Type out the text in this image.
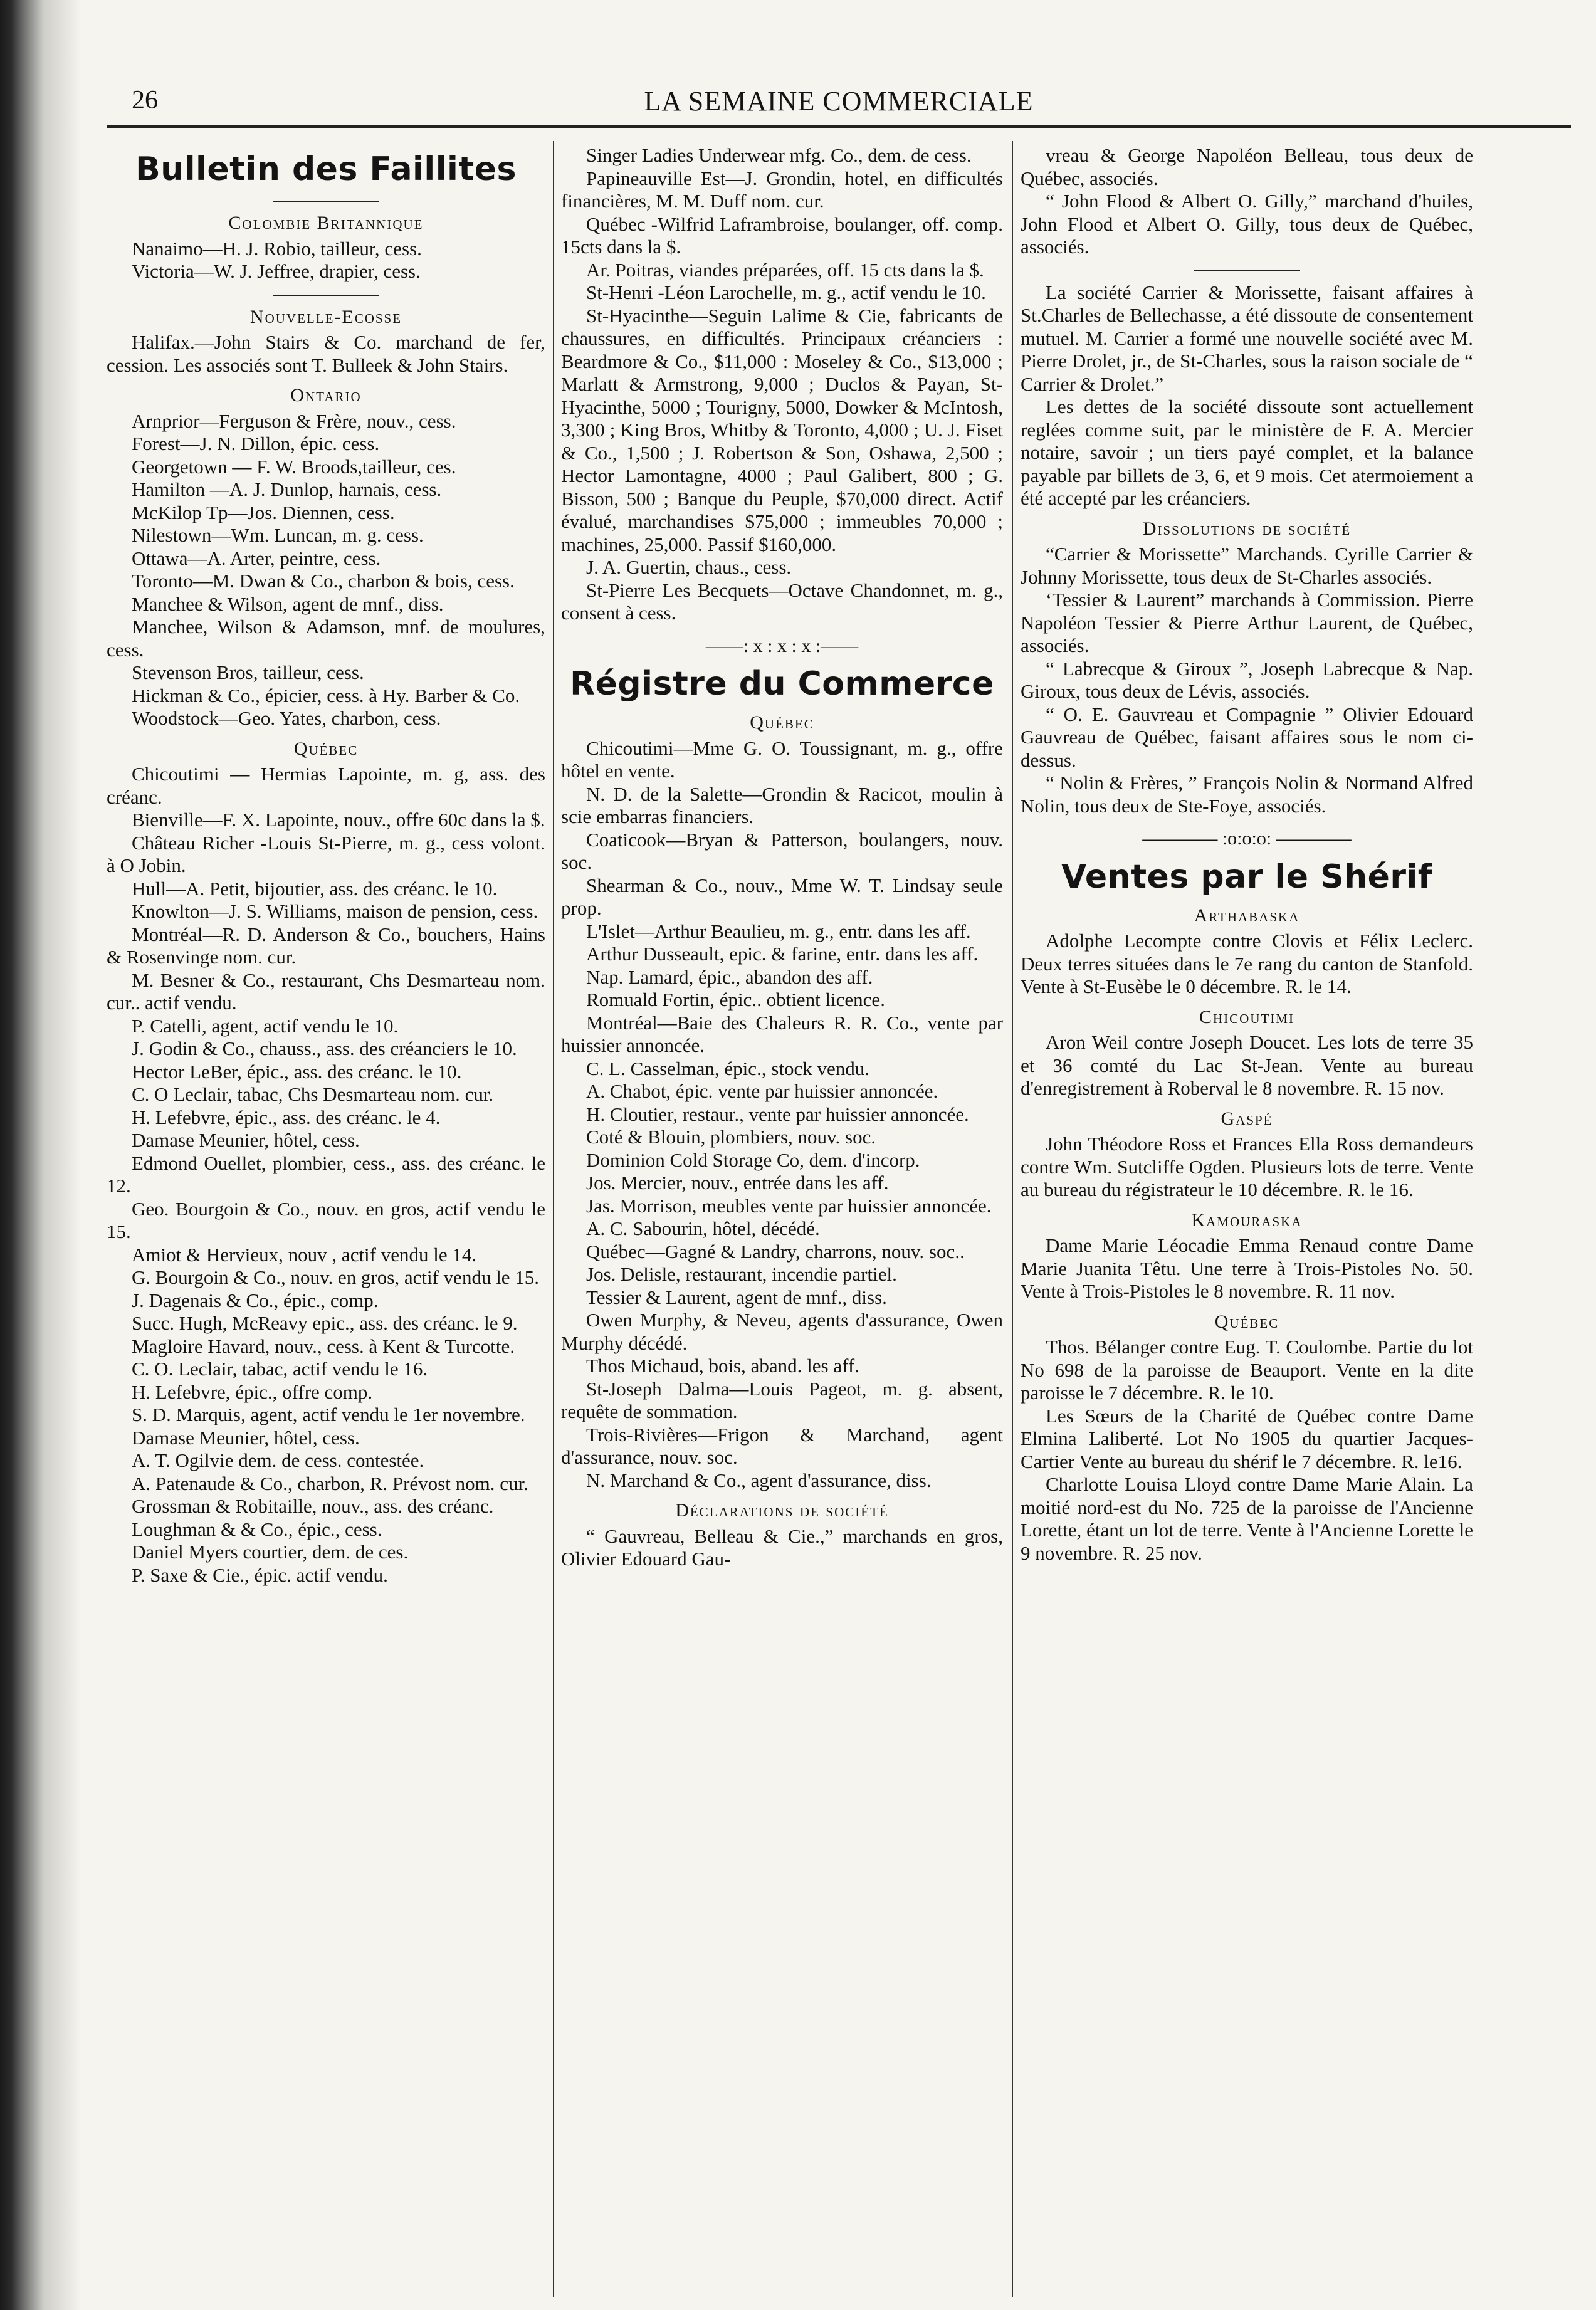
26	LA SEMAINE COMMERCIALE
Bulletin des Faillites
Colombie Britannique

Nanaimo—H. J. Robio, tailleur, cess.

Victoria—W. J. Jeffree, drapier, cess.

Nouvelle-Ecosse

Halifax.—John Stairs & Co. marchand de fer, cession. Les associés sont T. Bulleek & John Stairs.

Ontario

Arnprior—Ferguson & Frère, nouv., cess.

Forest—J. N. Dillon, épic. cess.

Georgetown — F. W. Broods,tailleur, ces.

Hamilton —A. J. Dunlop, harnais, cess.

McKilop Tp—Jos. Diennen, cess.

Nilestown—Wm. Luncan, m. g. cess.

Ottawa—A. Arter, peintre, cess.

Toronto—M. Dwan & Co., charbon & bois, cess.

Manchee & Wilson, agent de mnf., diss.

Manchee, Wilson & Adamson, mnf. de moulures, cess.

Stevenson Bros, tailleur, cess.

Hickman & Co., épicier, cess. à Hy. Barber & Co.

Woodstock—Geo. Yates, charbon, cess.

Québec

Chicoutimi — Hermias Lapointe, m. g, ass. des créanc.

Bienville—F. X. Lapointe, nouv., offre 60c dans la $.

Château Richer -Louis St-Pierre, m. g., cess volont. à O Jobin.

Hull—A. Petit, bijoutier, ass. des créanc. le 10.

Knowlton—J. S. Williams, maison de pension, cess.

Montréal—R. D. Anderson & Co., bouchers, Hains & Rosenvinge nom. cur.

M. Besner & Co., restaurant, Chs Desmarteau nom. cur.. actif vendu.

P. Catelli, agent, actif vendu le 10.

J. Godin & Co., chauss., ass. des créanciers le 10.

Hector LeBer, épic., ass. des créanc. le 10.

C. O Leclair, tabac, Chs Desmarteau nom. cur.

H. Lefebvre, épic., ass. des créanc. le 4.

Damase Meunier, hôtel, cess.

Edmond Ouellet, plombier, cess., ass. des créanc. le 12.

Geo. Bourgoin & Co., nouv. en gros, actif vendu le 15.

Amiot & Hervieux, nouv , actif vendu le 14.

G. Bourgoin & Co., nouv. en gros, actif vendu le 15.

J. Dagenais & Co., épic., comp.

Succ. Hugh, McReavy epic., ass. des créanc. le 9.

Magloire Havard, nouv., cess. à Kent & Turcotte.

C. O. Leclair, tabac, actif vendu le 16.

H. Lefebvre, épic., offre comp.

S. D. Marquis, agent, actif vendu le 1er novembre.

Damase Meunier, hôtel, cess.

A. T. Ogilvie dem. de cess. contestée.

A. Patenaude & Co., charbon, R. Prévost nom. cur.

Grossman & Robitaille, nouv., ass. des créanc.

Loughman & & Co., épic., cess.

Daniel Myers courtier, dem. de ces.

P. Saxe & Cie., épic. actif vendu.

Singer Ladies Underwear mfg. Co., dem. de cess.

Papineauville Est—J. Grondin, hotel, en difficultés financières, M. M. Duff nom. cur.

Québec -Wilfrid Laframbroise, boulanger, off. comp. 15cts dans la $.

Ar. Poitras, viandes préparées, off. 15 cts dans la $.

St-Henri -Léon Larochelle, m. g., actif vendu le 10.

St-Hyacinthe—Seguin Lalime & Cie, fabricants de chaussures, en difficultés. Principaux créanciers : Beardmore & Co., $11,000 : Moseley & Co., $13,000 ; Marlatt & Armstrong, 9,000 ; Duclos & Payan, St-Hyacinthe, 5000 ; Tourigny, 5000, Dowker & McIntosh, 3,300 ; King Bros, Whitby & Toronto, 4,000 ; U. J. Fiset & Co., 1,500 ; J. Robertson & Son, Oshawa, 2,500 ; Hector Lamontagne, 4000 ; Paul Galibert, 800 ; G. Bisson, 500 ; Banque du Peuple, $70,000 direct. Actif évalué, marchandises $75,000 ; immeubles 70,000 ; machines, 25,000. Passif $160,000.

J. A. Guertin, chaus., cess.

St-Pierre Les Becquets—Octave Chandonnet, m. g., consent à cess.

——: x : x : x :——
Régistre du Commerce
Québec

Chicoutimi—Mme G. O. Toussignant, m. g., offre hôtel en vente.

N. D. de la Salette—Grondin & Racicot, moulin à scie embarras financiers.

Coaticook—Bryan & Patterson, boulangers, nouv. soc.

Shearman & Co., nouv., Mme W. T. Lindsay seule prop.

L'Islet—Arthur Beaulieu, m. g., entr. dans les aff.

Arthur Dusseault, epic. & farine, entr. dans les aff.

Nap. Lamard, épic., abandon des aff.

Romuald Fortin, épic.. obtient licence.

Montréal—Baie des Chaleurs R. R. Co., vente par huissier annoncée.

C. L. Casselman, épic., stock vendu.

A. Chabot, épic. vente par huissier annoncée.

H. Cloutier, restaur., vente par huissier annoncée.

Coté & Blouin, plombiers, nouv. soc.

Dominion Cold Storage Co, dem. d'incorp.

Jos. Mercier, nouv., entrée dans les aff.

Jas. Morrison, meubles vente par huissier annoncée.

A. C. Sabourin, hôtel, décédé.

Québec—Gagné & Landry, charrons, nouv. soc..

Jos. Delisle, restaurant, incendie partiel.

Tessier & Laurent, agent de mnf., diss.

Owen Murphy, & Neveu, agents d'assurance, Owen Murphy décédé.

Thos Michaud, bois, aband. les aff.

St-Joseph Dalma—Louis Pageot, m. g. absent, requête de sommation.

Trois-Rivières—Frigon & Marchand, agent d'assurance, nouv. soc.

N. Marchand & Co., agent d'assurance, diss.

Déclarations de société

“ Gauvreau, Belleau & Cie.,” marchands en gros, Olivier Edouard Gau-

vreau & George Napoléon Belleau, tous deux de Québec, associés.

“ John Flood & Albert O. Gilly,” marchand d'huiles, John Flood et Albert O. Gilly, tous deux de Québec, associés.

La société Carrier & Morissette, faisant affaires à St.Charles de Bellechasse, a été dissoute de consentement mutuel. M. Carrier a formé une nouvelle société avec M. Pierre Drolet, jr., de St-Charles, sous la raison sociale de “ Carrier & Drolet.”

Les dettes de la société dissoute sont actuellement reglées comme suit, par le ministère de F. A. Mercier notaire, savoir ; un tiers payé complet, et la balance payable par billets de 3, 6, et 9 mois. Cet atermoiement a été accepté par les créanciers.

Dissolutions de société

“Carrier & Morissette” Marchands. Cyrille Carrier & Johnny Morissette, tous deux de St-Charles associés.

‘Tessier & Laurent” marchands à Commission. Pierre Napoléon Tessier & Pierre Arthur Laurent, de Québec, associés.

“ Labrecque & Giroux ”, Joseph Labrecque & Nap. Giroux, tous deux de Lévis, associés.

“ O. E. Gauvreau et Compagnie ” Olivier Edouard Gauvreau de Québec, faisant affaires sous le nom ci-dessus.

“ Nolin & Frères, ” François Nolin & Normand Alfred Nolin, tous deux de Ste-Foye, associés.

———— :o:o:o: ————
Ventes par le Shérif
Arthabaska

Adolphe Lecompte contre Clovis et Félix Leclerc. Deux terres situées dans le 7e rang du canton de Stanfold. Vente à St-Eusèbe le 0 décembre. R. le 14.

Chicoutimi

Aron Weil contre Joseph Doucet. Les lots de terre 35 et 36 comté du Lac St-Jean. Vente au bureau d'enregistrement à Roberval le 8 novembre. R. 15 nov.

Gaspé

John Théodore Ross et Frances Ella Ross demandeurs contre Wm. Sutcliffe Ogden. Plusieurs lots de terre. Vente au bureau du régistrateur le 10 décembre. R. le 16.

Kamouraska

Dame Marie Léocadie Emma Renaud contre Dame Marie Juanita Têtu. Une terre à Trois-Pistoles No. 50. Vente à Trois-Pistoles le 8 novembre. R. 11 nov.

Québec

Thos. Bélanger contre Eug. T. Coulombe. Partie du lot No 698 de la paroisse de Beauport. Vente en la dite paroisse le 7 décembre. R. le 10.

Les Sœurs de la Charité de Québec contre Dame Elmina Laliberté. Lot No 1905 du quartier Jacques-Cartier Vente au bureau du shérif le 7 décembre. R. le16.

Charlotte Louisa Lloyd contre Dame Marie Alain. La moitié nord-est du No. 725 de la paroisse de l'Ancienne Lorette, étant un lot de terre. Vente à l'Ancienne Lorette le 9 novembre. R. 25 nov.
